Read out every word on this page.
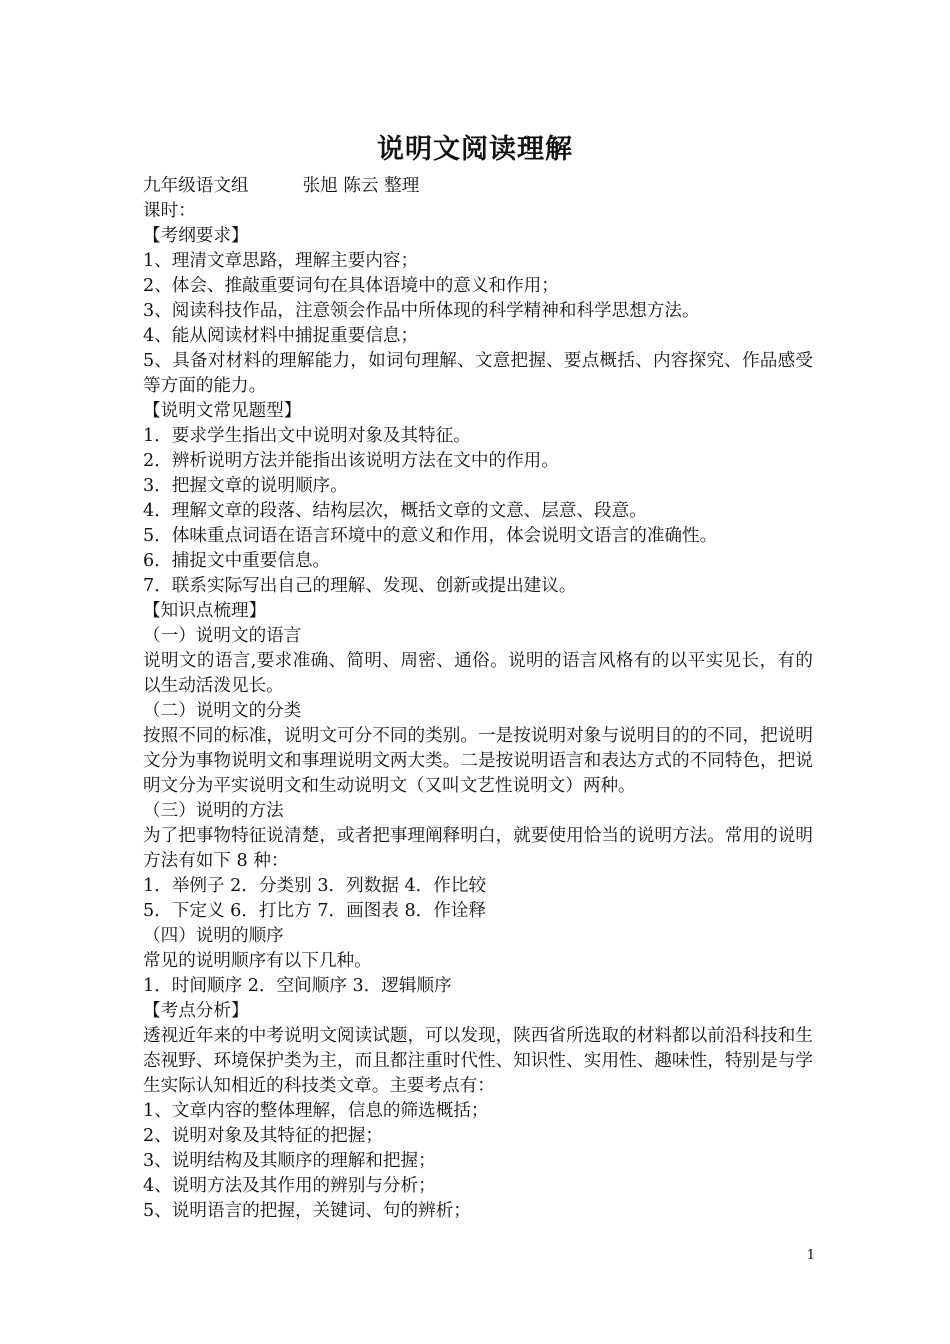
说明文阅读理解
九年级语文组	张旭 陈云 整理
课时：
【考纲要求】
1、理清文章思路，理解主要内容；
2、体会、推敲重要词句在具体语境中的意义和作用；
3、阅读科技作品，注意领会作品中所体现的科学精神和科学思想方法。
4、能从阅读材料中捕捉重要信息；
5、具备对材料的理解能力，如词句理解、文意把握、要点概括、内容探究、作品感受等方面的能力。
【说明文常见题型】
1．要求学生指出文中说明对象及其特征。
2．辨析说明方法并能指出该说明方法在文中的作用。
3．把握文章的说明顺序。
4．理解文章的段落、结构层次，概括文章的文意、层意、段意。
5．体味重点词语在语言环境中的意义和作用，体会说明文语言的准确性。
6．捕捉文中重要信息。
7．联系实际写出自己的理解、发现、创新或提出建议。
【知识点梳理】
（一）说明文的语言
说明文的语言,要求准确、简明、周密、通俗。说明的语言风格有的以平实见长，有的以生动活泼见长。
（二）说明文的分类
按照不同的标准，说明文可分不同的类别。一是按说明对象与说明目的的不同，把说明文分为事物说明文和事理说明文两大类。二是按说明语言和表达方式的不同特色，把说明文分为平实说明文和生动说明文（又叫文艺性说明文）两种。
（三）说明的方法
为了把事物特征说清楚，或者把事理阐释明白，就要使用恰当的说明方法。常用的说明方法有如下 8 种：
1．举例子 2．分类别 3．列数据 4．作比较
5．下定义 6．打比方 7．画图表 8．作诠释
（四）说明的顺序
常见的说明顺序有以下几种。
1．时间顺序 2．空间顺序 3．逻辑顺序
【考点分析】
透视近年来的中考说明文阅读试题，可以发现，陕西省所选取的材料都以前沿科技和生态视野、环境保护类为主，而且都注重时代性、知识性、实用性、趣味性，特别是与学生实际认知相近的科技类文章。主要考点有：
1、文章内容的整体理解，信息的筛选概括；
2、说明对象及其特征的把握；
3、说明结构及其顺序的理解和把握；
4、说明方法及其作用的辨别与分析；
5、说明语言的把握，关键词、句的辨析；
1
